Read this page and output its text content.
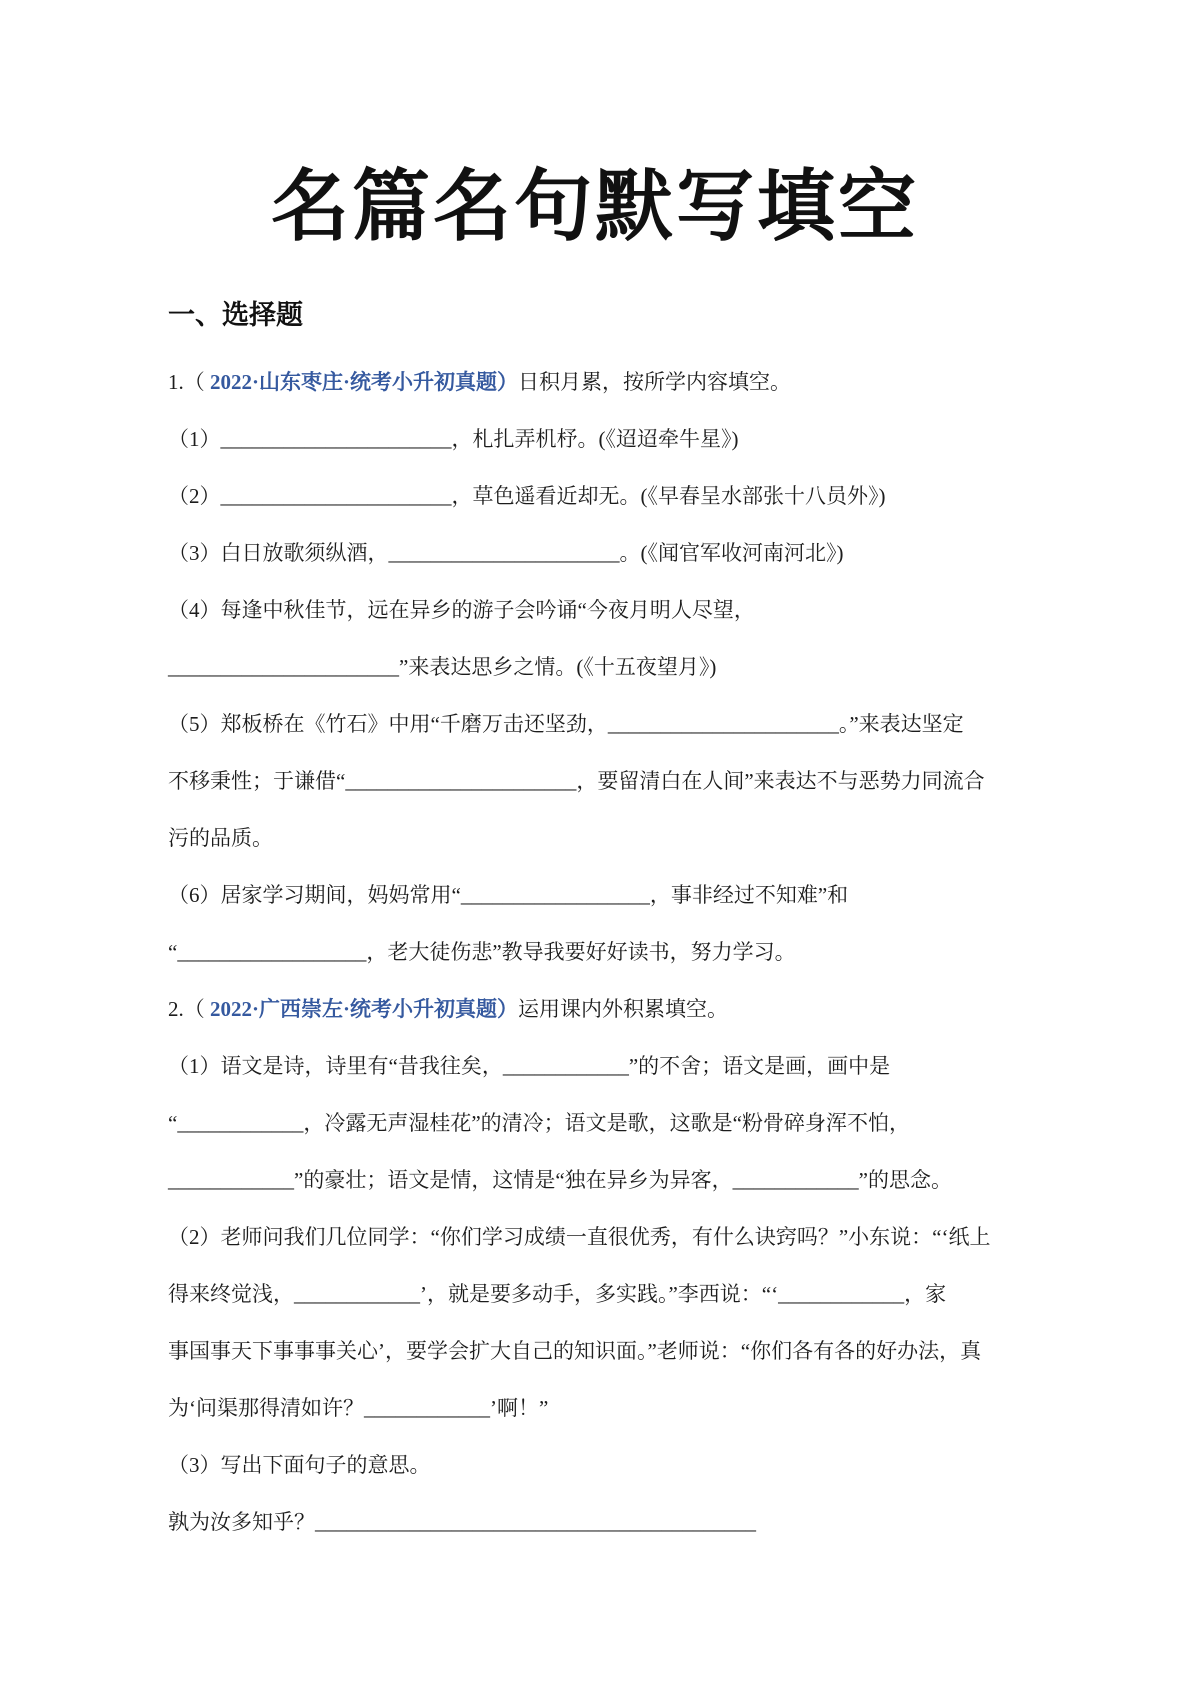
名篇名句默写填空
一、选择题
1.（ 2022·山东枣庄·统考小升初真题）日积月累，按所学内容填空。
（1）______________________，札扎弄机杼。(《迢迢牵牛星》)
（2）______________________，草色遥看近却无。(《早春呈水部张十八员外》)
（3）白日放歌须纵酒，______________________。(《闻官军收河南河北》)
（4）每逢中秋佳节，远在异乡的游子会吟诵“今夜月明人尽望，
______________________”来表达思乡之情。(《十五夜望月》)
（5）郑板桥在《竹石》中用“千磨万击还坚劲，______________________。”来表达坚定
不移秉性；于谦借“______________________，要留清白在人间”来表达不与恶势力同流合
污的品质。
（6）居家学习期间，妈妈常用“__________________，事非经过不知难”和
“__________________，老大徒伤悲”教导我要好好读书，努力学习。
2.（ 2022·广西崇左·统考小升初真题）运用课内外积累填空。
（1）语文是诗，诗里有“昔我往矣，____________”的不舍；语文是画，画中是
“____________，冷露无声湿桂花”的清冷；语文是歌，这歌是“粉骨碎身浑不怕，
____________”的豪壮；语文是情，这情是“独在异乡为异客，____________”的思念。
（2）老师问我们几位同学：“你们学习成绩一直很优秀，有什么诀窍吗？”小东说：“‘纸上
得来终觉浅，____________’，就是要多动手，多实践。”李西说：“‘____________，家
事国事天下事事事关心’，要学会扩大自己的知识面。”老师说：“你们各有各的好办法，真
为‘问渠那得清如许？____________’啊！”
（3）写出下面句子的意思。
孰为汝多知乎？__________________________________________
